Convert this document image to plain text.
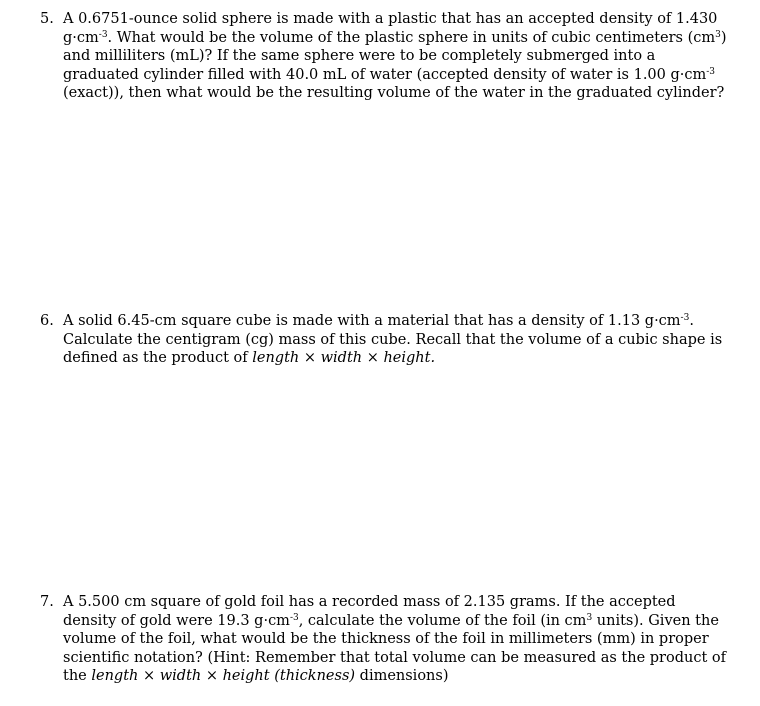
5. A 0.6751-ounce solid sphere is made with a plastic that has an accepted density of 1.430 $g\cdot cm^{-3}$. What would be the volume of the plastic sphere in units of cubic centimeters $(cm^3)$ and milliliters (mL)? If the same sphere were to be completely submerged into a graduated cylinder filled with 40.0 mL of water (accepted density of water is 1.00 $g\cdot cm^{-3}$ (exact)), then what would be the resulting volume of the water in the graduated cylinder?
6. A solid 6.45-cm square cube is made with a material that has a density of 1.13 $g\cdot cm^{-3}$. Calculate the centigram (cg) mass of this cube. Recall that the volume of a cubic shape is defined as the product of length × width × height.
7. A 5.500 cm square of gold foil has a recorded mass of 2.135 grams. If the accepted density of gold were 19.3 $g\cdot cm^{-3}$, calculate the volume of the foil (in $cm^3$ units). Given the volume of the foil, what would be the thickness of the foil in millimeters (mm) in proper scientific notation? (Hint: Remember that total volume can be measured as the product of the length × width × height (thickness) dimensions)
